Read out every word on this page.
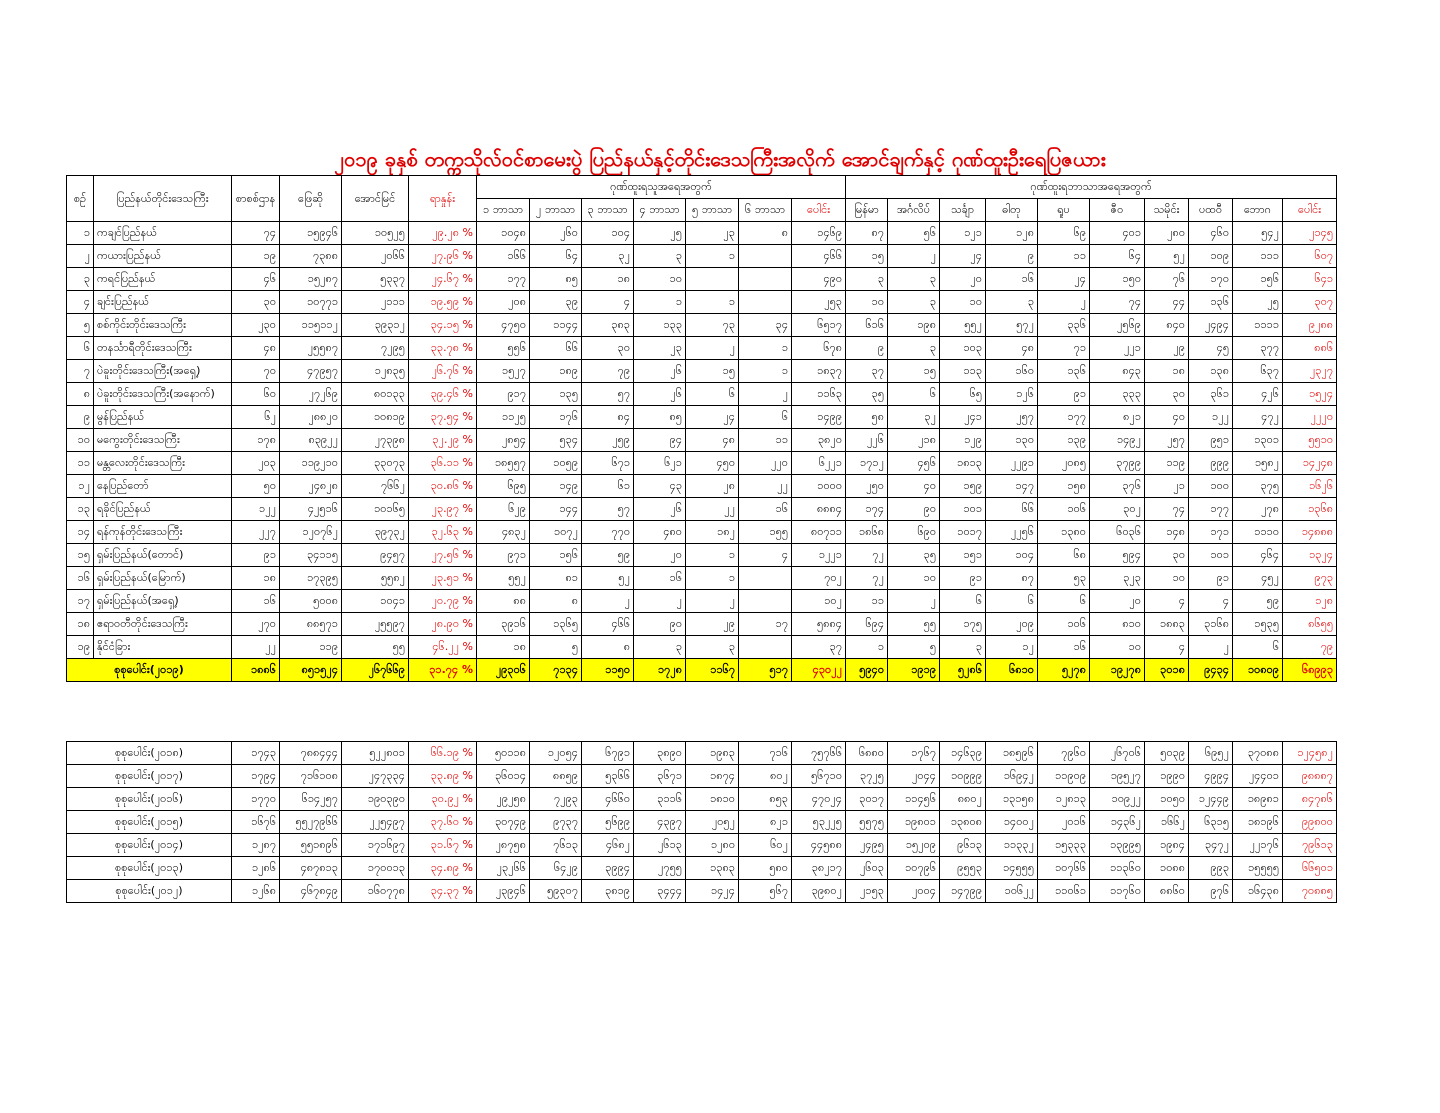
၂၀၁၉ ခုနှစ် တက္ကသိုလ်ဝင်စာမေးပွဲ ပြည်နယ်နှင့်တိုင်းဒေသကြီးအလိုက် အောင်ချက်နှင့် ဂုဏ်ထူးဦးရေပြဇယား
စဉ်	ပြည်နယ်တိုင်းဒေသကြီး	စာစစ်ဌာန	ဖြေဆို	အောင်မြင်	ရာနှုန်း	ဂုဏ်ထူးရသူအရေအတွက်							ဂုဏ်ထူးရဘာသာအရေအတွက်									
						၁ ဘာသာ	၂ ဘာသာ	၃ ဘာသာ	၄ ဘာသာ	၅ ဘာသာ	၆ ဘာသာ	ပေါင်း	မြန်မာ	အင်္ဂလိပ်	သင်္ချာ	ဓါတု	ရူပ	ဇီဝ	သမိုင်း	ပထဝီ	ဘောဂ	ပေါင်း
၁	ကချင်ပြည်နယ်	၇၄	၁၅၉၄၆	၁၀၅၂၅	၂၉.၂၈ %	၁၀၄၈	၂၆၀	၁၀၄	၂၅	၂၃	၈	၁၄၆၉	၈၇	၅၆	၁၂၁	၁၂၈	၆၉	၄၀၁	၂၈၀	၄၆၀	၅၄၂	၂၁၄၅
၂	ကယားပြည်နယ်	၁၉	၇၃၈၈	၂၀၆၆	၂၇.၉၆ %	၁၆၆	၆၄	၃၂	၃	၁		၄၆၆	၁၅	၂	၂၄	၉	၁၁	၆၄	၅၂	၁၀၉	၁၁၁	၆၀၇
၃	ကရင်ပြည်နယ်	၄၆	၁၅၂၈၇	၅၃၃၇	၂၄.၆၇ %	၁၇၇	၈၅	၁၈	၁၀			၄၉၀	၃	၃	၂၀	၁၆	၂၄	၁၅၀	၇၆	၁၇၀	၁၅၆	၆၄၁
၄	ချင်းပြည်နယ်	၃၀	၁၀၇၇၁	၂၁၁၁	၁၉.၅၉ %	၂၀၈	၃၉	၄	၁	၁		၂၅၃	၁၀	၃	၁၀	၃	၂	၇၄	၄၄	၁၃၆	၂၅	၃၀၇
၅	စစ်ကိုင်းတိုင်းဒေသကြီး	၂၃၀	၁၁၅၁၁၂	၃၉၃၁၂	၃၄.၁၅ %	၄၇၅၀	၁၁၄၄	၃၈၃	၁၃၃	၇၃	၃၄	၆၅၁၇	၆၁၆	၁၉၈	၅၅၂	၅၇၂	၃၃၆	၂၅၆၉	၈၄၀	၂၄၉၄	၁၁၁၁	၉၂၈၈
၆	တနင်္သာရီတိုင်းဒေသကြီး	၄၈	၂၅၅၈၇	၇၂၉၅	၃၃.၇၈ %	၅၅၆	၆၆	၃၀	၂၃	၂	၁	၆၇၈	၉	၃	၁၀၃	၄၈	၇၁	၂၂၁	၂၉	၄၅	၃၇၇	၈၈၆
၇	ပဲခူးတိုင်းဒေသကြီး(အရှေ့)	၇၀	၄၇၉၅၇	၁၂၈၃၅	၂၆.၇၆ %	၁၅၂၇	၁၈၉	၇၉	၂၆	၁၅	၁	၁၈၃၇	၃၇	၁၅	၁၁၃	၁၆၀	၁၃၆	၈၄၃	၁၈	၁၃၈	၆၃၇	၂၃၂၇
၈	ပဲခူးတိုင်းဒေသကြီး(အနောက်)	၆၀	၂၇၂၆၉	၈၀၁၃၃	၃၉.၄၆ %	၉၁၇	၁၃၅	၅၇	၂၆	၆	၂	၁၁၆၃	၃၅	၆	၆၅	၁၂၆	၉၁	၃၃၃	၃၀	၃၆၁	၄၂၆	၁၅၂၄
၉	မွန်ပြည်နယ်	၆၂	၂၈၈၂၀	၁၀၈၁၉	၃၇.၅၄ %	၁၁၂၅	၁၇၆	၈၄	၈၅	၂၄	၆	၁၄၉၉	၅၈	၃၂	၂၄၁	၂၅၇	၁၇၇	၈၂၁	၄၀	၁၂၂	၄၇၂	၂၂၂၀
၁၀	မကွေးတိုင်းဒေသကြီး	၁၇၈	၈၃၉၂၂	၂၇၃၉၈	၃၂.၂၉ %	၂၈၅၄	၅၃၄	၂၅၉	၉၄	၄၈	၁၁	၃၈၂၀	၂၂၆	၂၁၈	၁၂၉	၁၃၀	၁၃၉	၁၄၉၂	၂၅၇	၉၅၁	၁၃၀၁	၅၅၁၀
၁၁	မန္တလေးတိုင်းဒေသကြီး	၂၀၃	၁၁၉၂၁၀	၃၃၀၇၃	၃၆.၁၁ %	၁၈၅၅၇	၁၀၅၉	၆၇၁	၆၂၁	၄၅၀	၂၂၀	၆၂၂၁	၁၇၁၂	၄၅၆	၁၈၁၃	၂၂၉၁	၂၀၈၅	၃၇၉၉	၁၁၉	၉၉၉	၁၅၈၂	၁၄၂၄၈
၁၂	နေပြည်တော်	၅၀	၂၄၈၂၈	၇၆၆၂	၃၀.၈၆ %	၆၉၅	၁၄၉	၆၁	၄၃	၂၈	၂၂	၁၀၀၀	၂၅၀	၄၀	၁၅၉	၁၄၇	၁၅၈	၃၇၆	၂၁	၁၀၀	၃၇၅	၁၆၂၆
၁၃	ရခိုင်ပြည်နယ်	၁၂၂	၄၂၅၁၆	၁၀၁၆၅	၂၃.၉၇ %	၆၂၉	၁၄၄	၅၇	၂၆	၂၂	၁၆	၈၈၈၄	၁၇၄	၉၀	၁၀၁	၆၆	၁၀၆	၃၀၂	၇၄	၁၇၇	၂၇၈	၁၃၆၈
၁၄	ရန်ကုန်တိုင်းဒေသကြီး	၂၂၇	၁၂၀၇၆၂	၃၉၇၃၂	၃၂.၆၃ %	၄၈၃၂	၁၀၇၂	၇၇၀	၄၈၀	၁၈၂	၁၅၅	၈၀၇၁၁	၁၈၆၈	၆၉၀	၁၀၁၇	၂၂၅၆	၁၃၈၀	၆၀၃၆	၁၄၈	၁၇၁	၁၁၁၀	၁၄၈၈၈
၁၅	ရှမ်းပြည်နယ်(တောင်)	၉၁	၃၄၁၁၅	၉၄၅၇	၂၇.၅၆ %	၉၇၁	၁၅၆	၅၉	၂၀	၁	၄	၁၂၂၁	၇၂	၃၅	၁၅၁	၁၀၄	၆၈	၅၉၄	၃၀	၁၀၁	၄၆၄	၁၃၂၄
၁၆	ရှမ်းပြည်နယ်(မြောက်)	၁၈	၁၇၃၉၅	၅၅၈၂	၂၃.၅၁ %	၅၅၂	၈၁	၅၂	၁၆	၁		၇၀၂	၇၂	၁၀	၉၁	၈၇	၅၃	၃၂၃	၁၀	၉၁	၄၅၂	၉၇၃
၁၇	ရှမ်းပြည်နယ်(အရှေ့)	၁၆	၅၀၀၈	၁၀၄၁	၂၀.၇၉ %	၈၈	၈	၂	၂	၂		၁၀၂	၁၁	၂	၆	၆	၆	၂၀	၄	၄	၅၉	၁၂၈
၁၈	ဧရာဝတီတိုင်းဒေသကြီး	၂၇၀	၈၈၅၇၁	၂၅၅၉၇	၂၈.၉၀ %	၃၉၁၆	၁၃၆၅	၄၆၆	၉၀	၂၉	၁၇	၅၈၈၄	၆၉၄	၅၅	၁၇၅	၂၀၉	၁၀၆	၈၁၀	၁၈၈၃	၃၁၆၈	၁၅၃၅	၈၆၅၅
၁၉	နိုင်ငံခြား	၂၂	၁၁၉	၅၅	၄၆.၂၂ %	၁၈	၅	၈	၃	၃		၃၇	၁	၅	၃	၁၂	၁၆	၁၀	၄	၂	၆	၇၉
စုစုပေါင်း(၂၀၁၉)		၁၈၈၆	၈၅၁၅၂၄	၂၆၇၆၆၉	၃၁.၇၄ %	၂၉၃၀၆	၇၁၃၄	၁၁၅၀	၁၇၂၈	၁၁၆၇	၅၁၇	၄၃၀၂၂	၅၉၄၀	၁၉၁၉	၅၂၈၆	၆၈၁၀	၅၂၇၈	၁၉၂၇၈	၃၀၁၈	၉၄၃၄	၁၀၈၀၉	၆၈၉၉၃
စုစုပေါင်း(၂၀၁၈)	၁၇၄၃	၇၈၈၄၄၄	၅၂၂၈၀၁	၆၆.၁၉ %	၅၀၁၁၈	၁၂၀၅၄	၆၇၉၁	၃၈၉၀	၁၉၈၃	၇၁၆	၇၅၇၆၆	၆၈၈၀	၁၇၆၇	၁၄၆၃၉	၁၈၅၉၆	၇၉၆၀	၂၆၇၀၆	၅၀၃၉	၆၉၅၂	၃၇၀၈၈	၁၂၄၅၈၂
စုစုပေါင်း(၂၀၁၇)	၁၇၉၄	၇၁၆၁၀၈	၂၄၇၃၃၄	၃၃.၈၉ %	၃၆၀၁၄	၈၈၅၉	၅၃၆၆	၃၆၇၁	၁၈၇၄	၈၀၂	၅၆၇၁၀	၃၇၂၅	၂၀၄၄	၁၀၉၉၉	၁၆၉၄၂	၁၁၉၀၉	၁၉၅၂၇	၁၉၉၀	၄၉၉၄	၂၄၄၀၁	၉၈၈၈၇
စုစုပေါင်း(၂၀၁၆)	၁၇၇၀	၆၁၄၂၅၇	၁၉၀၃၉၀	၃၀.၉၂ %	၂၉၂၅၈	၇၂၉၃	၄၆၆၀	၃၁၁၆	၁၈၁၀	၈၅၃	၄၇၀၂၄	၃၀၁၇	၁၁၄၅၆	၈၈၀၂	၁၃၁၅၈	၁၂၈၁၃	၁၀၉၂၂	၁၀၅၀	၁၂၄၄၉	၁၈၉၈၁	၈၄၇၈၆
စုစုပေါင်း(၂၀၁၅)	၁၆၇၆	၅၅၂၇၉၆၆	၂၂၅၄၉၇	၃၇.၆၀ %	၃၀၇၄၉	၉၇၃၇	၅၆၉၉	၄၃၉၇	၂၀၅၂	၈၂၁	၅၃၂၂၅	၅၅၇၅	၁၉၈၀၁	၁၃၈၀၈	၁၄၀၀၂	၂၀၁၆	၁၄၃၆၂	၁၆၆၂	၆၃၁၅	၁၈၁၉၆	၉၉၈၀၀
စုစုပေါင်း(၂၀၁၄)	၁၂၈၇	၅၅၁၈၉၆	၁၇၁၆၉၇	၃၁.၆၇ %	၂၈၇၅၈	၇၆၁၃	၄၆၈၂	၂၆၁၃	၁၂၈၀	၆၀၂	၄၄၅၈၈	၂၄၉၅	၁၅၂၀၉	၉၆၁၃	၁၁၃၃၂	၁၅၃၃၃	၁၃၉၉၅	၁၉၈၄	၃၄၇၂	၂၂၁၇၆	၇၉၆၁၃
စုစုပေါင်း(၂၀၁၃)	၁၂၈၆	၄၈၇၈၁၃	၁၇၀၀၁၃	၃၄.၈၉ %	၂၃၂၆၆	၆၄၂၉	၃၉၉၄	၂၇၅၅	၁၃၈၃	၅၈၀	၃၈၂၁၇	၂၆၀၃	၁၀၇၉၆	၉၅၅၃	၁၄၅၅၅	၁၀၇၆၆	၁၁၃၆၀	၁၀၈၈	၉၉၃	၁၅၅၅၅	၆၆၅၀၁
စုစုပေါင်း(၂၀၁၂)	၁၂၆၈	၄၆၇၈၄၉	၁၆၀၇၇၈	၃၄.၃၇ %	၂၃၉၄၆	၅၉၃၀၇	၃၈၁၉	၃၄၄၄	၁၄၂၄	၅၆၇	၃၉၈၀၂	၂၁၅၃	၂၀၀၄	၁၄၇၉၉	၁၀၆၂၂	၁၁၀၆၁	၁၁၇၆၀	၈၈၆၀	၉၇၆	၁၆၄၃၈	၇၀၈၈၅
